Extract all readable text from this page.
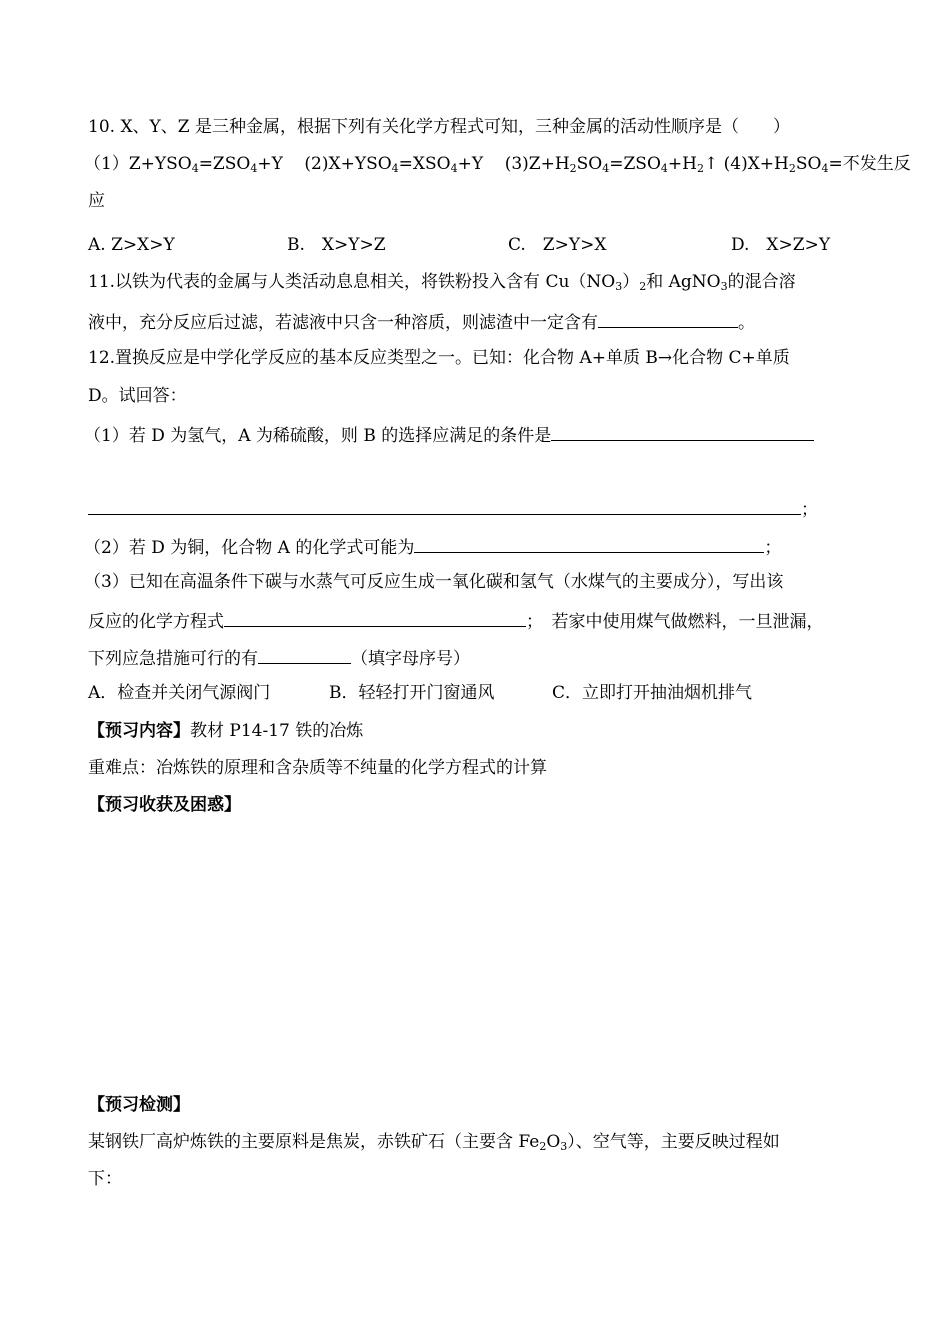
10. X、Y、Z 是三种金属，根据下列有关化学方程式可知，三种金属的活动性顺序是（　　）
$(1)Z+YSO_4=ZSO_4+Y$ $(2)X+YSO_4=XSO_4+Y$ $(3)Z+H_2SO_4=ZSO_4+H_2↑$ $(4)X+H_2SO_4=$不发生反
应
A. Z>X>Y	B.　X>Y>Z	C.　Z>Y>X	D.　X>Z>Y
11.以铁为代表的金属与人类活动息息相关，将铁粉投入含有 $Cu(NO_3)_2$和 AgNO$_3$的混合溶
液中，充分反应后过滤，若滤液中只含一种溶质，则滤渣中一定含有	。
12.置换反应是中学化学反应的基本反应类型之一。已知：化合物 A+单质 B→化合物 C+单质
D。试回答：
（1）若 D 为氢气，A 为稀硫酸，则 B 的选择应满足的条件是
；
（2）若 D 为铜，化合物 A 的化学式可能为	；
（3）已知在高温条件下碳与水蒸气可反应生成一氧化碳和氢气（水煤气的主要成分），写出该
反应的化学方程式	；　若家中使用煤气做燃料，一旦泄漏，
下列应急措施可行的有	（填字母序号）
A．检查并关闭气源阀门	B．轻轻打开门窗通风	C．立即打开抽油烟机排气
【预习内容】教材 P14-17 铁的冶炼
重难点：冶炼铁的原理和含杂质等不纯量的化学方程式的计算
【预习收获及困惑】
【预习检测】
某钢铁厂高炉炼铁的主要原料是焦炭，赤铁矿石（主要含 $Fe_2O_3$）、空气等，主要反映过程如
下：
